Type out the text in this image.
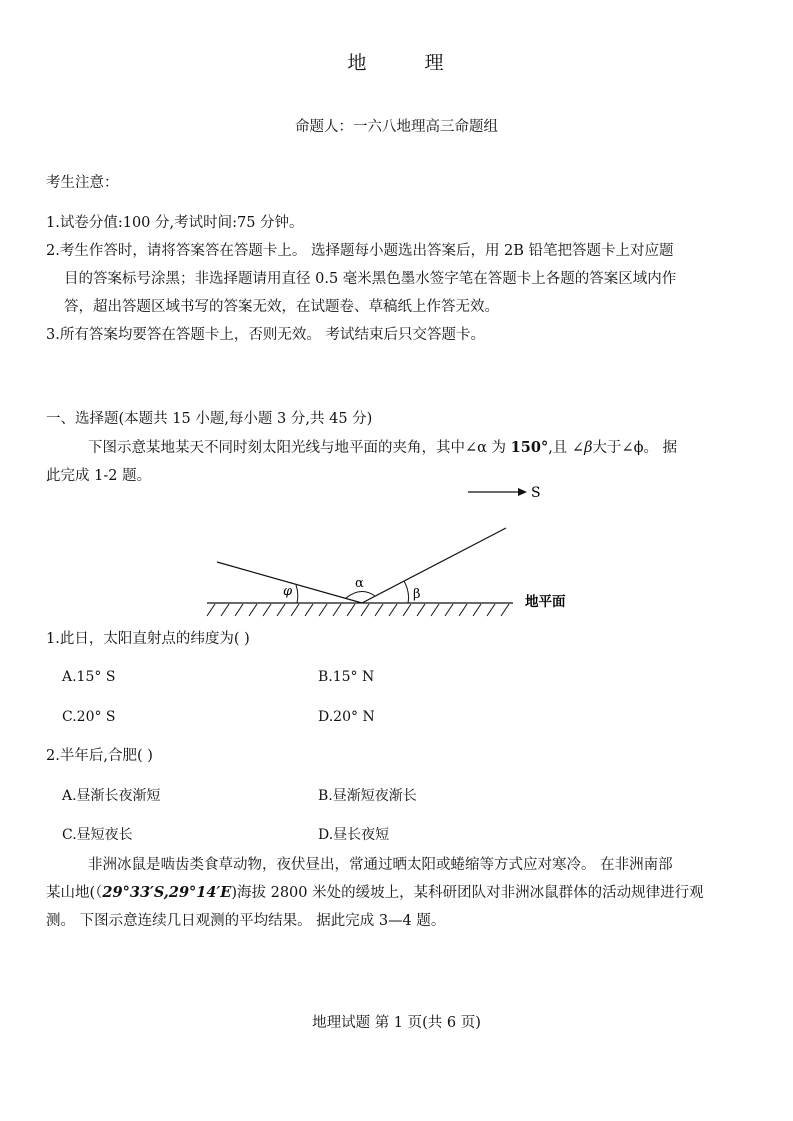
地	理
命题人：一六八地理高三命题组
考生注意：
1.试卷分值:100 分,考试时间:75 分钟。
2.考生作答时，请将答案答在答题卡上。 选择题每小题选出答案后，用 2B 铅笔把答题卡上对应题
目的答案标号涂黑；非选择题请用直径 0.5 毫米黑色墨水签字笔在答题卡上各题的答案区域内作
答，超出答题区域书写的答案无效，在试题卷、草稿纸上作答无效。
3.所有答案均要答在答题卡上，否则无效。 考试结束后只交答题卡。
一、选择题(本题共 15 小题,每小题 3 分,共 45 分)
下图示意某地某天不同时刻太阳光线与地平面的夹角，其中∠α 为 150°,且 ∠β大于∠ϕ。 据
此完成 1-2 题。
S
φ
α
β	地平面
1.此日，太阳直射点的纬度为( )
A.15° S	B.15° N
C.20° S	D.20° N
2.半年后,合肥( )
A.昼渐长夜渐短	B.昼渐短夜渐长
C.昼短夜长	D.昼长夜短
非洲冰鼠是啮齿类食草动物，夜伏昼出，常通过晒太阳或蜷缩等方式应对寒冷。 在非洲南部
某山地(（29°33′S,29°14′E)海拔 2800 米处的缓坡上，某科研团队对非洲冰鼠群体的活动规律进行观
测。 下图示意连续几日观测的平均结果。 据此完成 3—4 题。
地理试题 第 1 页(共 6 页)
